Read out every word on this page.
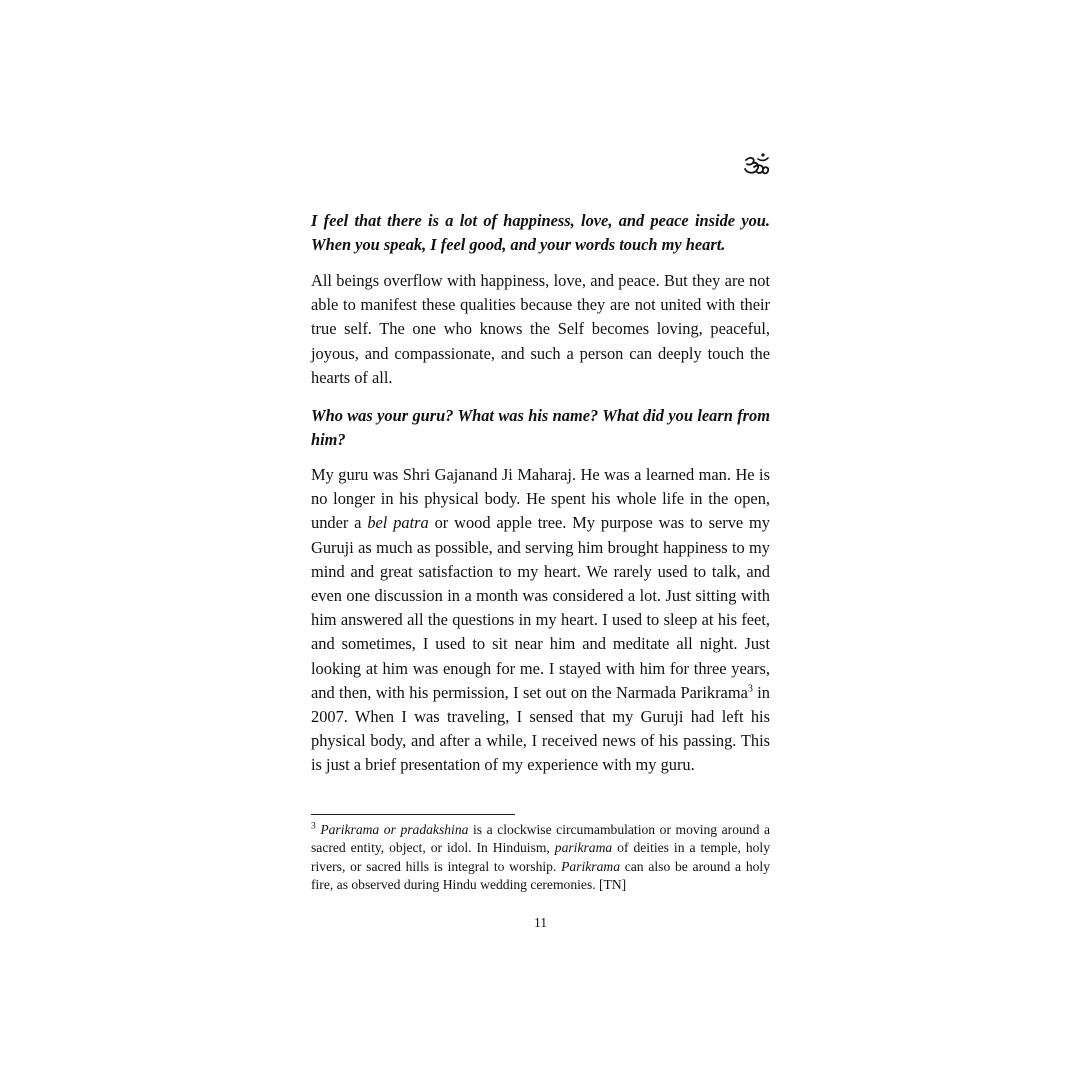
I feel that there is a lot of happiness, love, and peace inside you. When you speak, I feel good, and your words touch my heart.

All beings overflow with happiness, love, and peace. But they are not able to manifest these qualities because they are not united with their true self. The one who knows the Self becomes loving, peaceful, joyous, and compassionate, and such a person can deeply touch the hearts of all.

Who was your guru? What was his name? What did you learn from him?

My guru was Shri Gajanand Ji Maharaj. He was a learned man. He is no longer in his physical body. He spent his whole life in the open, under a bel patra or wood apple tree. My purpose was to serve my Guruji as much as possible, and serving him brought happiness to my mind and great satisfaction to my heart. We rarely used to talk, and even one discussion in a month was considered a lot. Just sitting with him answered all the questions in my heart. I used to sleep at his feet, and sometimes, I used to sit near him and meditate all night. Just looking at him was enough for me. I stayed with him for three years, and then, with his permission, I set out on the Narmada Parikrama$^3$ in 2007. When I was traveling, I sensed that my Guruji had left his physical body, and after a while, I received news of his passing. This is just a brief presentation of my experience with my guru.

$^3$ Parikrama or pradakshina is a clockwise circumambulation or moving around a sacred entity, object, or idol. In Hinduism, parikrama of deities in a temple, holy rivers, or sacred hills is integral to worship. Parikrama can also be around a holy fire, as observed during Hindu wedding ceremonies. [TN]

11
